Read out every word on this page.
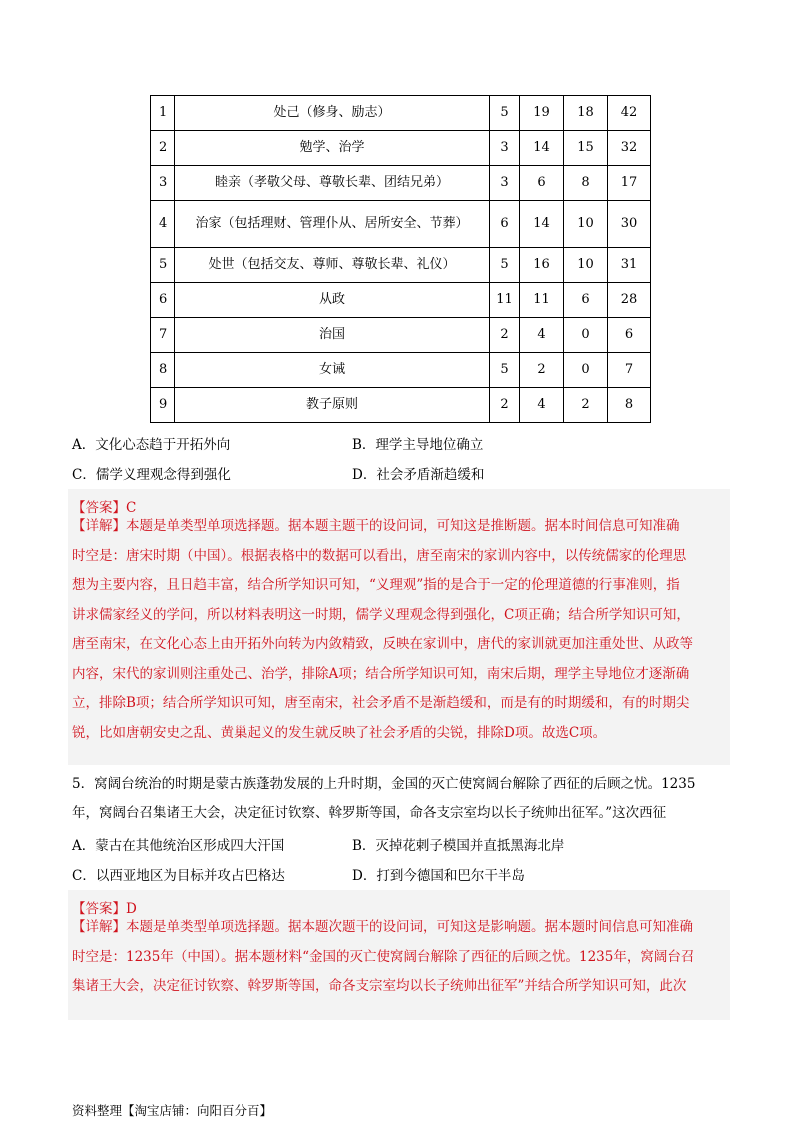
1	处己（修身、励志）	5	19	18	42
2	勉学、治学	3	14	15	32
3	睦亲（孝敬父母、尊敬长辈、团结兄弟）	3	6	8	17
4	治家（包括理财、管理仆从、居所安全、节葬）	6	14	10	30
5	处世（包括交友、尊师、尊敬长辈、礼仪）	5	16	10	31
6	从政	11	11	6	28
7	治国	2	4	0	6
8	女诫	5	2	0	7
9	教子原则	2	4	2	8
A．文化心态趋于开拓外向	B．理学主导地位确立
C．儒学义理观念得到强化	D．社会矛盾渐趋缓和
【答案】C
【详解】本题是单类型单项选择题。据本题主题干的设问词，可知这是推断题。据本时间信息可知准确
时空是：唐宋时期（中国）。根据表格中的数据可以看出，唐至南宋的家训内容中，以传统儒家的伦理思
想为主要内容，且日趋丰富，结合所学知识可知，“义理观”指的是合于一定的伦理道德的行事准则，指
讲求儒家经义的学问，所以材料表明这一时期，儒学义理观念得到强化，C项正确；结合所学知识可知，
唐至南宋，在文化心态上由开拓外向转为内敛精致，反映在家训中，唐代的家训就更加注重处世、从政等
内容，宋代的家训则注重处己、治学，排除A项；结合所学知识可知，南宋后期，理学主导地位才逐渐确
立，排除B项；结合所学知识可知，唐至南宋，社会矛盾不是渐趋缓和，而是有的时期缓和，有的时期尖
锐，比如唐朝安史之乱、黄巢起义的发生就反映了社会矛盾的尖锐，排除D项。故选C项。
5．窝阔台统治的时期是蒙古族蓬勃发展的上升时期，金国的灭亡使窝阔台解除了西征的后顾之忧。1235
年，窝阔台召集诸王大会，决定征讨钦察、斡罗斯等国，命各支宗室均以长子统帅出征军。”这次西征
A．蒙古在其他统治区形成四大汗国	B．灭掉花剌子模国并直抵黑海北岸
C．以西亚地区为目标并攻占巴格达	D．打到今德国和巴尔干半岛
【答案】D
【详解】本题是单类型单项选择题。据本题次题干的设问词，可知这是影响题。据本题时间信息可知准确
时空是：1235年（中国）。据本题材料“金国的灭亡使窝阔台解除了西征的后顾之忧。1235年，窝阔台召
集诸王大会，决定征讨钦察、斡罗斯等国，命各支宗室均以长子统帅出征军”并结合所学知识可知，此次
资料整理【淘宝店铺：向阳百分百】
